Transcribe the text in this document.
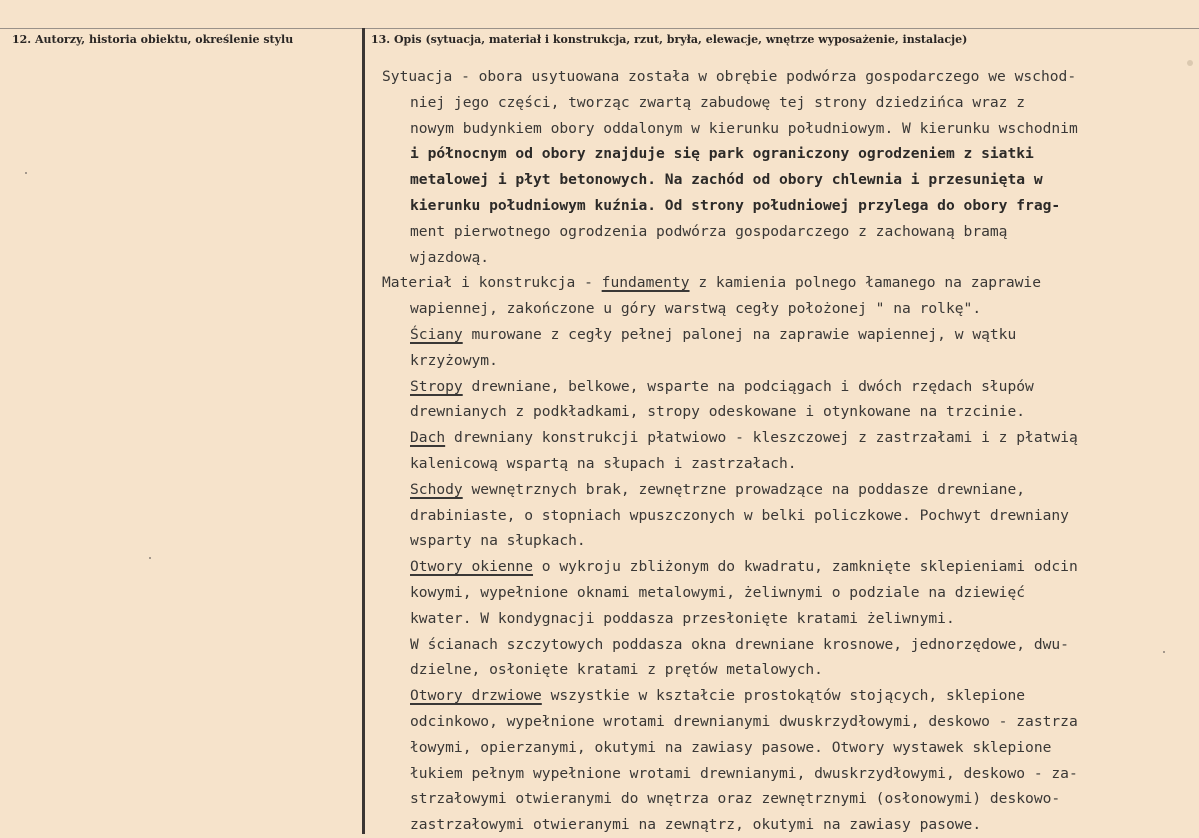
12. Autorzy, historia obiektu, określenie stylu	13. Opis (sytuacja, materiał i konstrukcja, rzut, bryła, elewacje, wnętrze wyposażenie, instalacje)
Sytuacja - obora usytuowana została w obrębie podwórza gospodarczego we wschod-
niej jego części, tworząc zwartą zabudowę tej strony dziedzińca wraz z
nowym budynkiem obory oddalonym w kierunku południowym. W kierunku wschodnim
i północnym od obory znajduje się park ograniczony ogrodzeniem z siatki
metalowej i płyt betonowych. Na zachód od obory chlewnia i przesunięta w
kierunku południowym kuźnia. Od strony południowej przylega do obory frag-
ment pierwotnego ogrodzenia podwórza gospodarczego z zachowaną bramą
wjazdową.
Materiał i konstrukcja - fundamenty z kamienia polnego łamanego na zaprawie
wapiennej, zakończone u góry warstwą cegły położonej " na rolkę".
Ściany murowane z cegły pełnej palonej na zaprawie wapiennej, w wątku
krzyżowym.
Stropy drewniane, belkowe, wsparte na podciągach i dwóch rzędach słupów
drewnianych z podkładkami, stropy odeskowane i otynkowane na trzcinie.
Dach drewniany konstrukcji płatwiowo - kleszczowej z zastrzałami i z płatwią
kalenicową wspartą na słupach i zastrzałach.
Schody wewnętrznych brak, zewnętrzne prowadzące na poddasze drewniane,
drabiniaste, o stopniach wpuszczonych w belki policzkowe. Pochwyt drewniany
wsparty na słupkach.
Otwory okienne o wykroju zbliżonym do kwadratu, zamknięte sklepieniami odcin
kowymi, wypełnione oknami metalowymi, żeliwnymi o podziale na dziewięć
kwater. W kondygnacji poddasza przesłonięte kratami żeliwnymi.
W ścianach szczytowych poddasza okna drewniane krosnowe, jednorzędowe, dwu-
dzielne, osłonięte kratami z prętów metalowych.
Otwory drzwiowe wszystkie w kształcie prostokątów stojących, sklepione
odcinkowo, wypełnione wrotami drewnianymi dwuskrzydłowymi, deskowo - zastrza
łowymi, opierzanymi, okutymi na zawiasy pasowe. Otwory wystawek sklepione
łukiem pełnym wypełnione wrotami drewnianymi, dwuskrzydłowymi, deskowo - za-
strzałowymi otwieranymi do wnętrza oraz zewnętrznymi (osłonowymi) deskowo-
zastrzałowymi otwieranymi na zewnątrz, okutymi na zawiasy pasowe.
